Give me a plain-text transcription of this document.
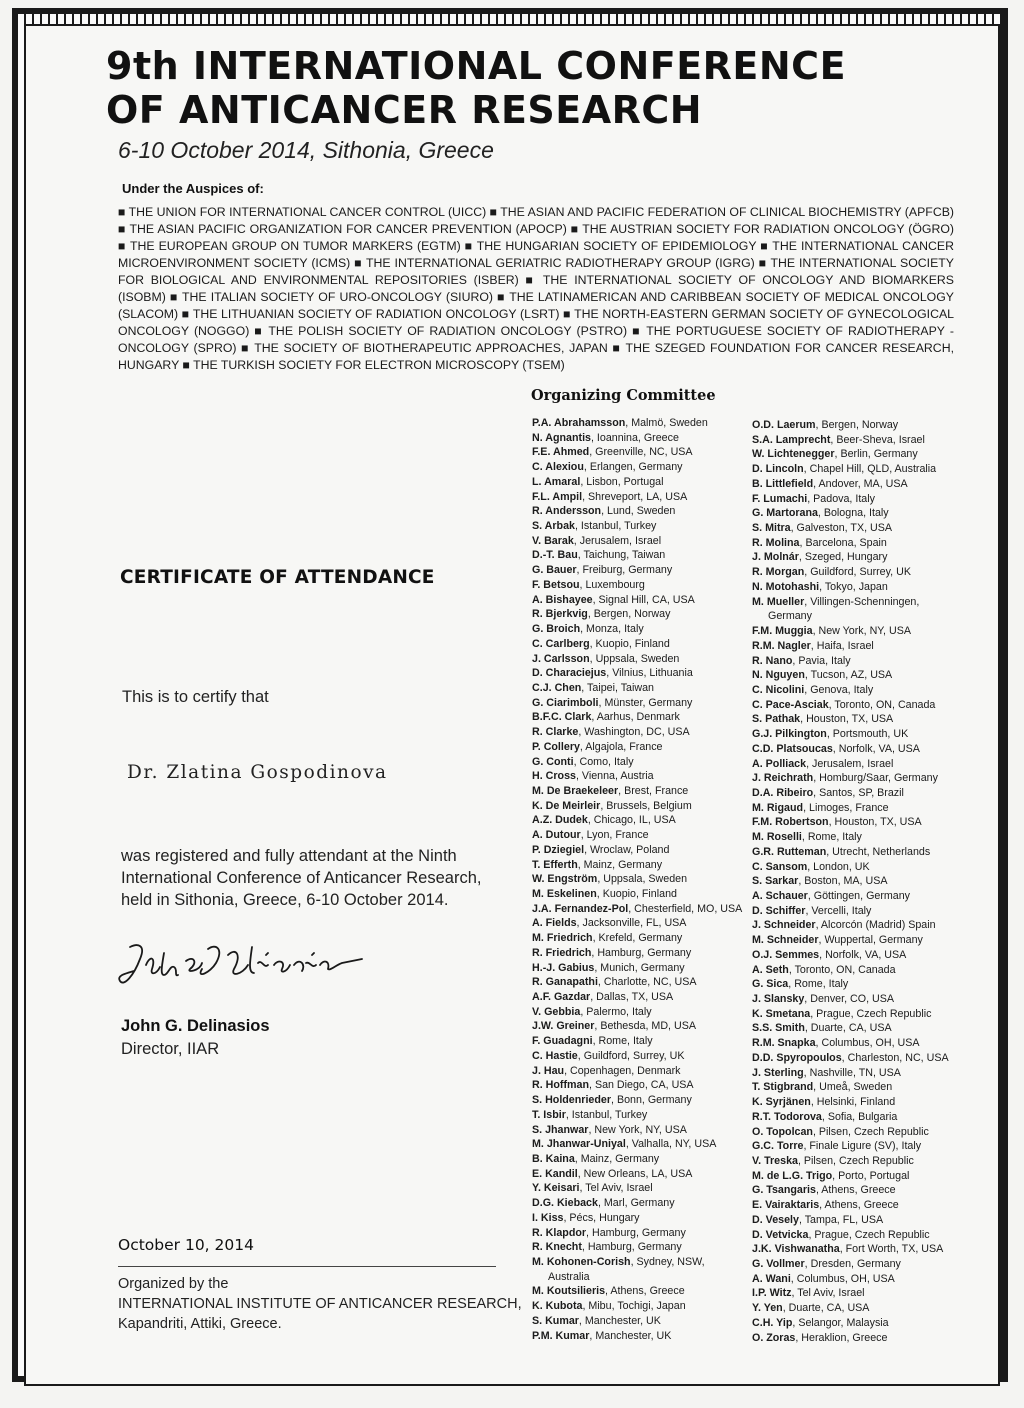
9th INTERNATIONAL CONFERENCE
OF ANTICANCER RESEARCH

6-10 October 2014, Sithonia, Greece

Under the Auspices of:

■ THE UNION FOR INTERNATIONAL CANCER CONTROL (UICC) ■ THE ASIAN AND PACIFIC FEDERATION OF CLINICAL BIOCHEMISTRY (APFCB) ■ THE ASIAN PACIFIC ORGANIZATION FOR CANCER PREVENTION (APOCP) ■ THE AUSTRIAN SOCIETY FOR RADIATION ONCOLOGY (ÖGRO) ■ THE EUROPEAN GROUP ON TUMOR MARKERS (EGTM) ■ THE HUNGARIAN SOCIETY OF EPIDEMIOLOGY ■ THE INTERNATIONAL CANCER MICROENVIRONMENT SOCIETY (ICMS) ■ THE INTERNATIONAL GERIATRIC RADIOTHERAPY GROUP (IGRG) ■ THE INTERNATIONAL SOCIETY FOR BIOLOGICAL AND ENVIRONMENTAL REPOSITORIES (ISBER) ■ THE INTERNATIONAL SOCIETY OF ONCOLOGY AND BIOMARKERS (ISOBM) ■ THE ITALIAN SOCIETY OF URO-ONCOLOGY (SIURO) ■ THE LATINAMERICAN AND CARIBBEAN SOCIETY OF MEDICAL ONCOLOGY (SLACOM) ■ THE LITHUANIAN SOCIETY OF RADIATION ONCOLOGY (LSRT) ■ THE NORTH-EASTERN GERMAN SOCIETY OF GYNECOLOGICAL ONCOLOGY (NOGGO) ■ THE POLISH SOCIETY OF RADIATION ONCOLOGY (PSTRO) ■ THE PORTUGUESE SOCIETY OF RADIOTHERAPY - ONCOLOGY (SPRO) ■ THE SOCIETY OF BIOTHERAPEUTIC APPROACHES, JAPAN ■ THE SZEGED FOUNDATION FOR CANCER RESEARCH, HUNGARY ■ THE TURKISH SOCIETY FOR ELECTRON MICROSCOPY (TSEM)

CERTIFICATE OF ATTENDANCE
This is to certify that
Dr. Zlatina Gospodinova

was registered and fully attendant at the Ninth
International Conference of Anticancer Research,
held in Sithonia, Greece, 6-10 October 2014.

John G. Delinasios
Director, IIAR
October 10, 2014

Organized by the
INTERNATIONAL INSTITUTE OF ANTICANCER RESEARCH,
Kapandriti, Attiki, Greece.

Organizing Committee
P.A. Abrahamsson, Malmö, Sweden
N. Agnantis, Ioannina, Greece
F.E. Ahmed, Greenville, NC, USA
C. Alexiou, Erlangen, Germany
L. Amaral, Lisbon, Portugal
F.L. Ampil, Shreveport, LA, USA
R. Andersson, Lund, Sweden
S. Arbak, Istanbul, Turkey
V. Barak, Jerusalem, Israel
D.-T. Bau, Taichung, Taiwan
G. Bauer, Freiburg, Germany
F. Betsou, Luxembourg
A. Bishayee, Signal Hill, CA, USA
R. Bjerkvig, Bergen, Norway
G. Broich, Monza, Italy
C. Carlberg, Kuopio, Finland
J. Carlsson, Uppsala, Sweden
D. Characiejus, Vilnius, Lithuania
C.J. Chen, Taipei, Taiwan
G. Ciarimboli, Münster, Germany
B.F.C. Clark, Aarhus, Denmark
R. Clarke, Washington, DC, USA
P. Collery, Algajola, France
G. Conti, Como, Italy
H. Cross, Vienna, Austria
M. De Braekeleer, Brest, France
K. De Meirleir, Brussels, Belgium
A.Z. Dudek, Chicago, IL, USA
A. Dutour, Lyon, France
P. Dziegiel, Wroclaw, Poland
T. Efferth, Mainz, Germany
W. Engström, Uppsala, Sweden
M. Eskelinen, Kuopio, Finland
J.A. Fernandez-Pol, Chesterfield, MO, USA
A. Fields, Jacksonville, FL, USA
M. Friedrich, Krefeld, Germany
R. Friedrich, Hamburg, Germany
H.-J. Gabius, Munich, Germany
R. Ganapathi, Charlotte, NC, USA
A.F. Gazdar, Dallas, TX, USA
V. Gebbia, Palermo, Italy
J.W. Greiner, Bethesda, MD, USA
F. Guadagni, Rome, Italy
C. Hastie, Guildford, Surrey, UK
J. Hau, Copenhagen, Denmark
R. Hoffman, San Diego, CA, USA
S. Holdenrieder, Bonn, Germany
T. Isbir, Istanbul, Turkey
S. Jhanwar, New York, NY, USA
M. Jhanwar-Uniyal, Valhalla, NY, USA
B. Kaina, Mainz, Germany
E. Kandil, New Orleans, LA, USA
Y. Keisari, Tel Aviv, Israel
D.G. Kieback, Marl, Germany
I. Kiss, Pécs, Hungary
R. Klapdor, Hamburg, Germany
R. Knecht, Hamburg, Germany
M. Kohonen-Corish, Sydney, NSW,
Australia
M. Koutsilieris, Athens, Greece
K. Kubota, Mibu, Tochigi, Japan
S. Kumar, Manchester, UK
P.M. Kumar, Manchester, UK
O.D. Laerum, Bergen, Norway
S.A. Lamprecht, Beer-Sheva, Israel
W. Lichtenegger, Berlin, Germany
D. Lincoln, Chapel Hill, QLD, Australia
B. Littlefield, Andover, MA, USA
F. Lumachi, Padova, Italy
G. Martorana, Bologna, Italy
S. Mitra, Galveston, TX, USA
R. Molina, Barcelona, Spain
J. Molnár, Szeged, Hungary
R. Morgan, Guildford, Surrey, UK
N. Motohashi, Tokyo, Japan
M. Mueller, Villingen-Schenningen,
Germany
F.M. Muggia, New York, NY, USA
R.M. Nagler, Haifa, Israel
R. Nano, Pavia, Italy
N. Nguyen, Tucson, AZ, USA
C. Nicolini, Genova, Italy
C. Pace-Asciak, Toronto, ON, Canada
S. Pathak, Houston, TX, USA
G.J. Pilkington, Portsmouth, UK
C.D. Platsoucas, Norfolk, VA, USA
A. Polliack, Jerusalem, Israel
J. Reichrath, Homburg/Saar, Germany
D.A. Ribeiro, Santos, SP, Brazil
M. Rigaud, Limoges, France
F.M. Robertson, Houston, TX, USA
M. Roselli, Rome, Italy
G.R. Rutteman, Utrecht, Netherlands
C. Sansom, London, UK
S. Sarkar, Boston, MA, USA
A. Schauer, Göttingen, Germany
D. Schiffer, Vercelli, Italy
J. Schneider, Alcorcón (Madrid) Spain
M. Schneider, Wuppertal, Germany
O.J. Semmes, Norfolk, VA, USA
A. Seth, Toronto, ON, Canada
G. Sica, Rome, Italy
J. Slansky, Denver, CO, USA
K. Smetana, Prague, Czech Republic
S.S. Smith, Duarte, CA, USA
R.M. Snapka, Columbus, OH, USA
D.D. Spyropoulos, Charleston, NC, USA
J. Sterling, Nashville, TN, USA
T. Stigbrand, Umeå, Sweden
K. Syrjänen, Helsinki, Finland
R.T. Todorova, Sofia, Bulgaria
O. Topolcan, Pilsen, Czech Republic
G.C. Torre, Finale Ligure (SV), Italy
V. Treska, Pilsen, Czech Republic
M. de L.G. Trigo, Porto, Portugal
G. Tsangaris, Athens, Greece
E. Vairaktaris, Athens, Greece
D. Vesely, Tampa, FL, USA
D. Vetvicka, Prague, Czech Republic
J.K. Vishwanatha, Fort Worth, TX, USA
G. Vollmer, Dresden, Germany
A. Wani, Columbus, OH, USA
I.P. Witz, Tel Aviv, Israel
Y. Yen, Duarte, CA, USA
C.H. Yip, Selangor, Malaysia
O. Zoras, Heraklion, Greece
